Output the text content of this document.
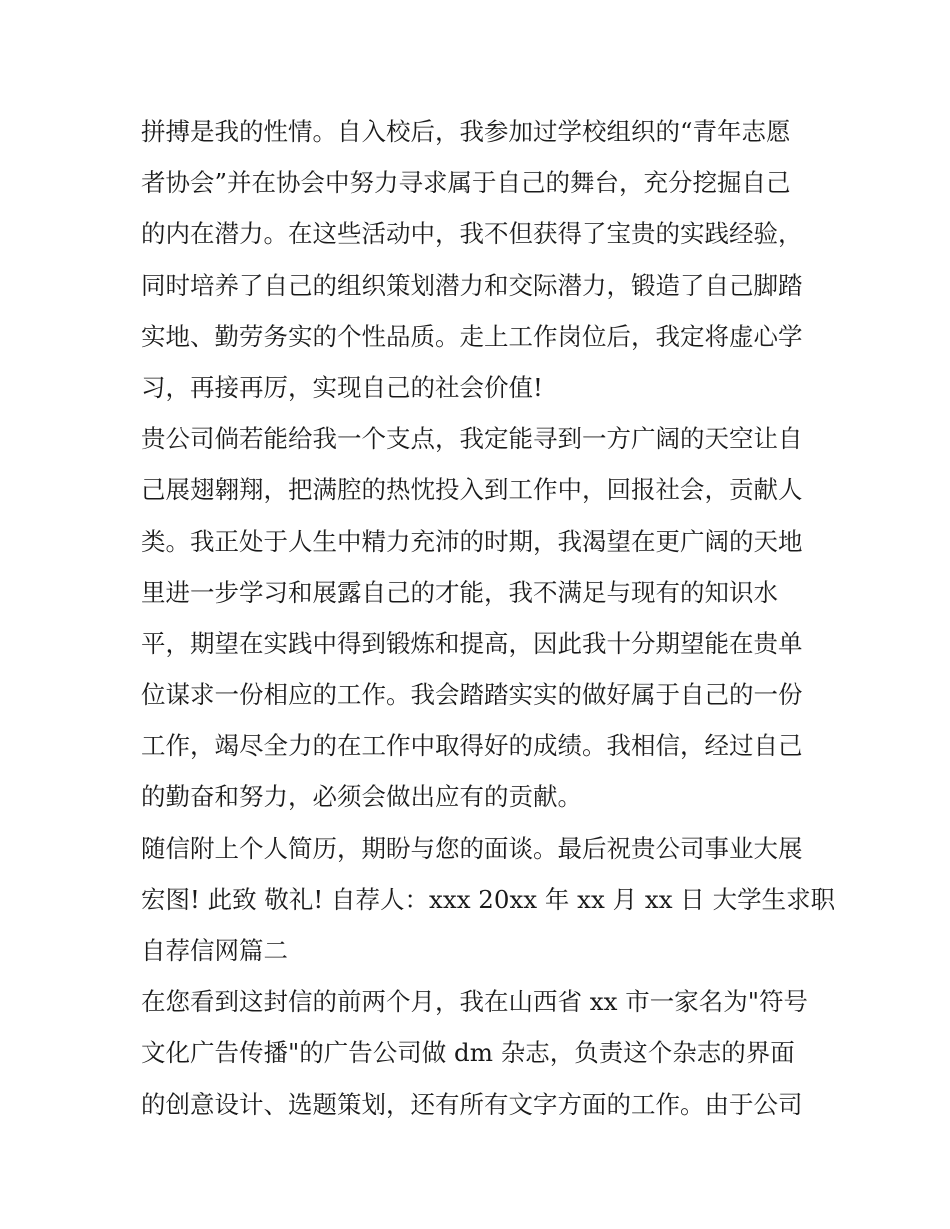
拼搏是我的性情。自入校后，我参加过学校组织的“青年志愿
者协会”并在协会中努力寻求属于自己的舞台，充分挖掘自己
的内在潜力。在这些活动中，我不但获得了宝贵的实践经验，
同时培养了自己的组织策划潜力和交际潜力，锻造了自己脚踏
实地、勤劳务实的个性品质。走上工作岗位后，我定将虚心学
习，再接再厉，实现自己的社会价值!
贵公司倘若能给我一个支点，我定能寻到一方广阔的天空让自
己展翅翱翔，把满腔的热忱投入到工作中，回报社会，贡献人
类。我正处于人生中精力充沛的时期，我渴望在更广阔的天地
里进一步学习和展露自己的才能，我不满足与现有的知识水
平，期望在实践中得到锻炼和提高，因此我十分期望能在贵单
位谋求一份相应的工作。我会踏踏实实的做好属于自己的一份
工作，竭尽全力的在工作中取得好的成绩。我相信，经过自己
的勤奋和努力，必须会做出应有的贡献。
随信附上个人简历，期盼与您的面谈。最后祝贵公司事业大展
宏图! 此致 敬礼! 自荐人：xxx 20xx 年 xx 月 xx 日 大学生求职
自荐信网篇二
在您看到这封信的前两个月，我在山西省 xx 市一家名为"符号
文化广告传播"的广告公司做 dm 杂志，负责这个杂志的界面
的创意设计、选题策划，还有所有文字方面的工作。由于公司
